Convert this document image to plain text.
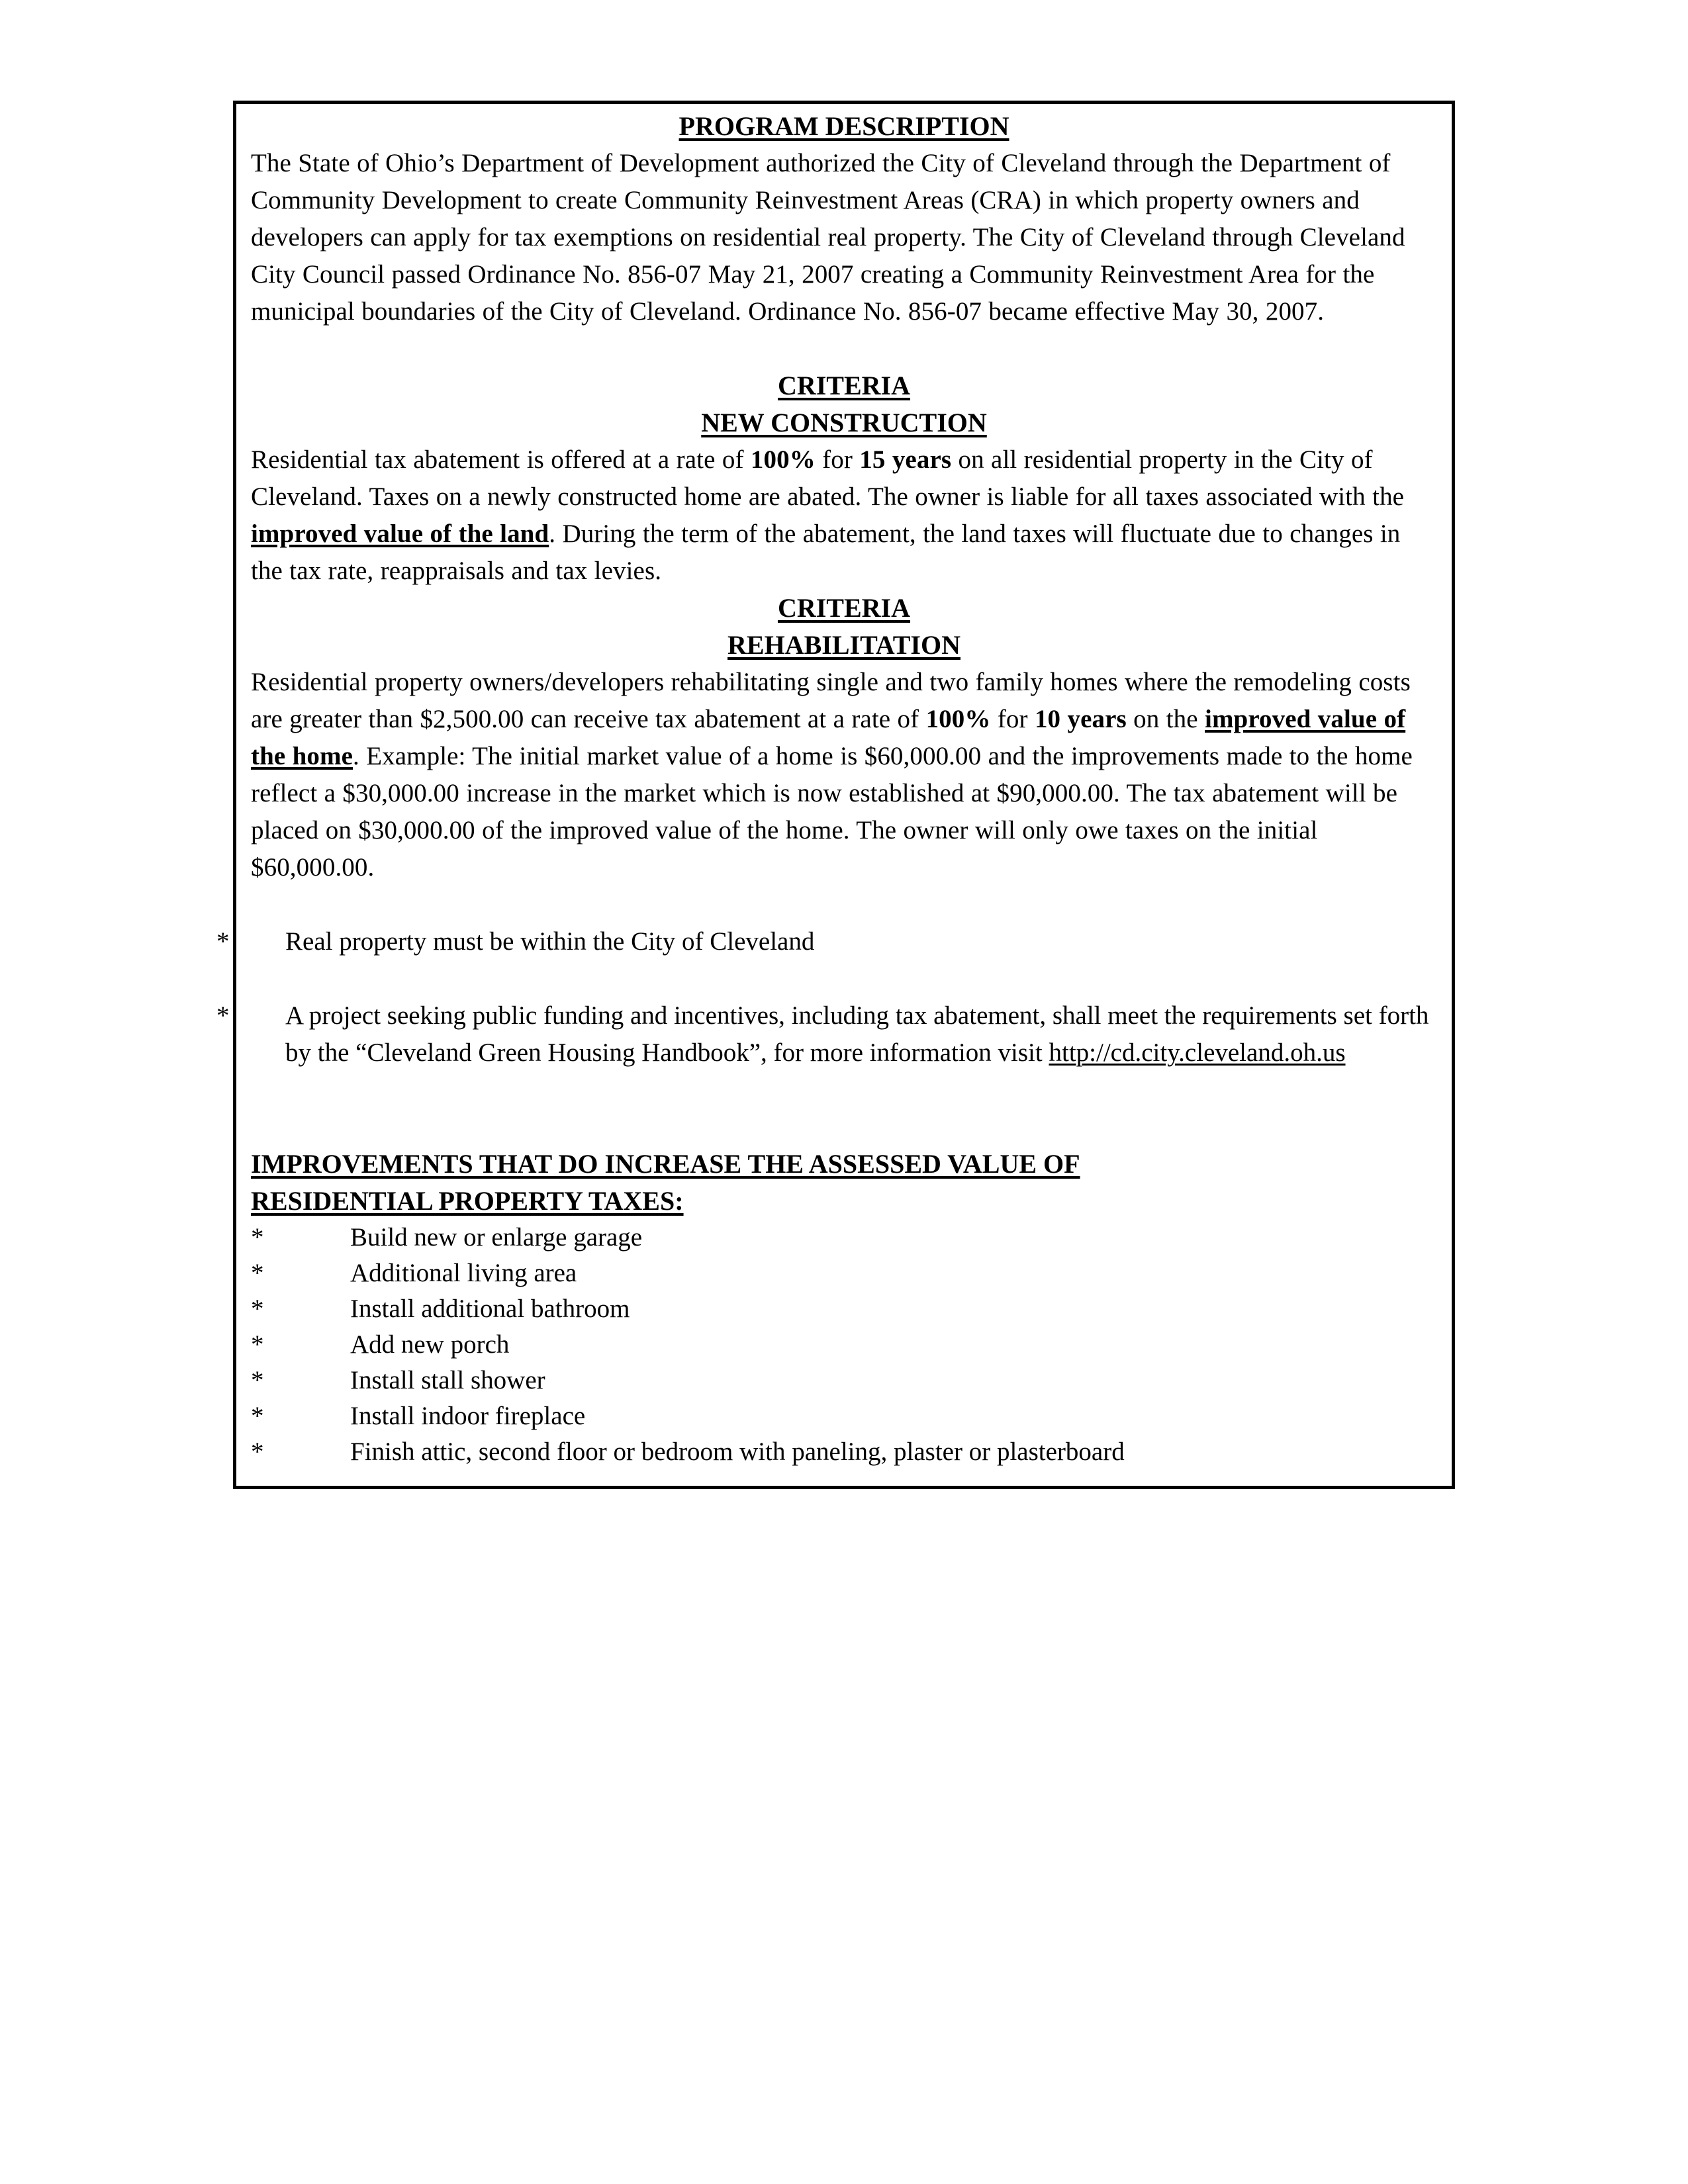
PROGRAM DESCRIPTION

The State of Ohio’s Department of Development authorized the City of Cleveland through the Department of Community Development to create Community Reinvestment Areas (CRA) in which property owners and developers can apply for tax exemptions on residential real property. The City of Cleveland through Cleveland City Council passed Ordinance No. 856-07 May 21, 2007 creating a Community Reinvestment Area for the municipal boundaries of the City of Cleveland. Ordinance No. 856-07 became effective May 30, 2007.

CRITERIA
NEW CONSTRUCTION

Residential tax abatement is offered at a rate of 100% for 15 years on all residential property in the City of Cleveland. Taxes on a newly constructed home are abated. The owner is liable for all taxes associated with the improved value of the land. During the term of the abatement, the land taxes will fluctuate due to changes in the tax rate, reappraisals and tax levies.

CRITERIA
REHABILITATION

Residential property owners/developers rehabilitating single and two family homes where the remodeling costs are greater than $2,500.00 can receive tax abatement at a rate of 100% for 10 years on the improved value of the home. Example: The initial market value of a home is $60,000.00 and the improvements made to the home reflect a $30,000.00 increase in the market which is now established at $90,000.00. The tax abatement will be placed on $30,000.00 of the improved value of the home. The owner will only owe taxes on the initial $60,000.00.

* Real property must be within the City of Cleveland

* A project seeking public funding and incentives, including tax abatement, shall meet the requirements set forth by the “Cleveland Green Housing Handbook”, for more information visit http://cd.city.cleveland.oh.us

IMPROVEMENTS THAT DO INCREASE THE ASSESSED VALUE OF
RESIDENTIAL PROPERTY TAXES:
*	Build new or enlarge garage
*	Additional living area
*	Install additional bathroom
*	Add new porch
*	Install stall shower
*	Install indoor fireplace
*	Finish attic, second floor or bedroom with paneling, plaster or plasterboard
